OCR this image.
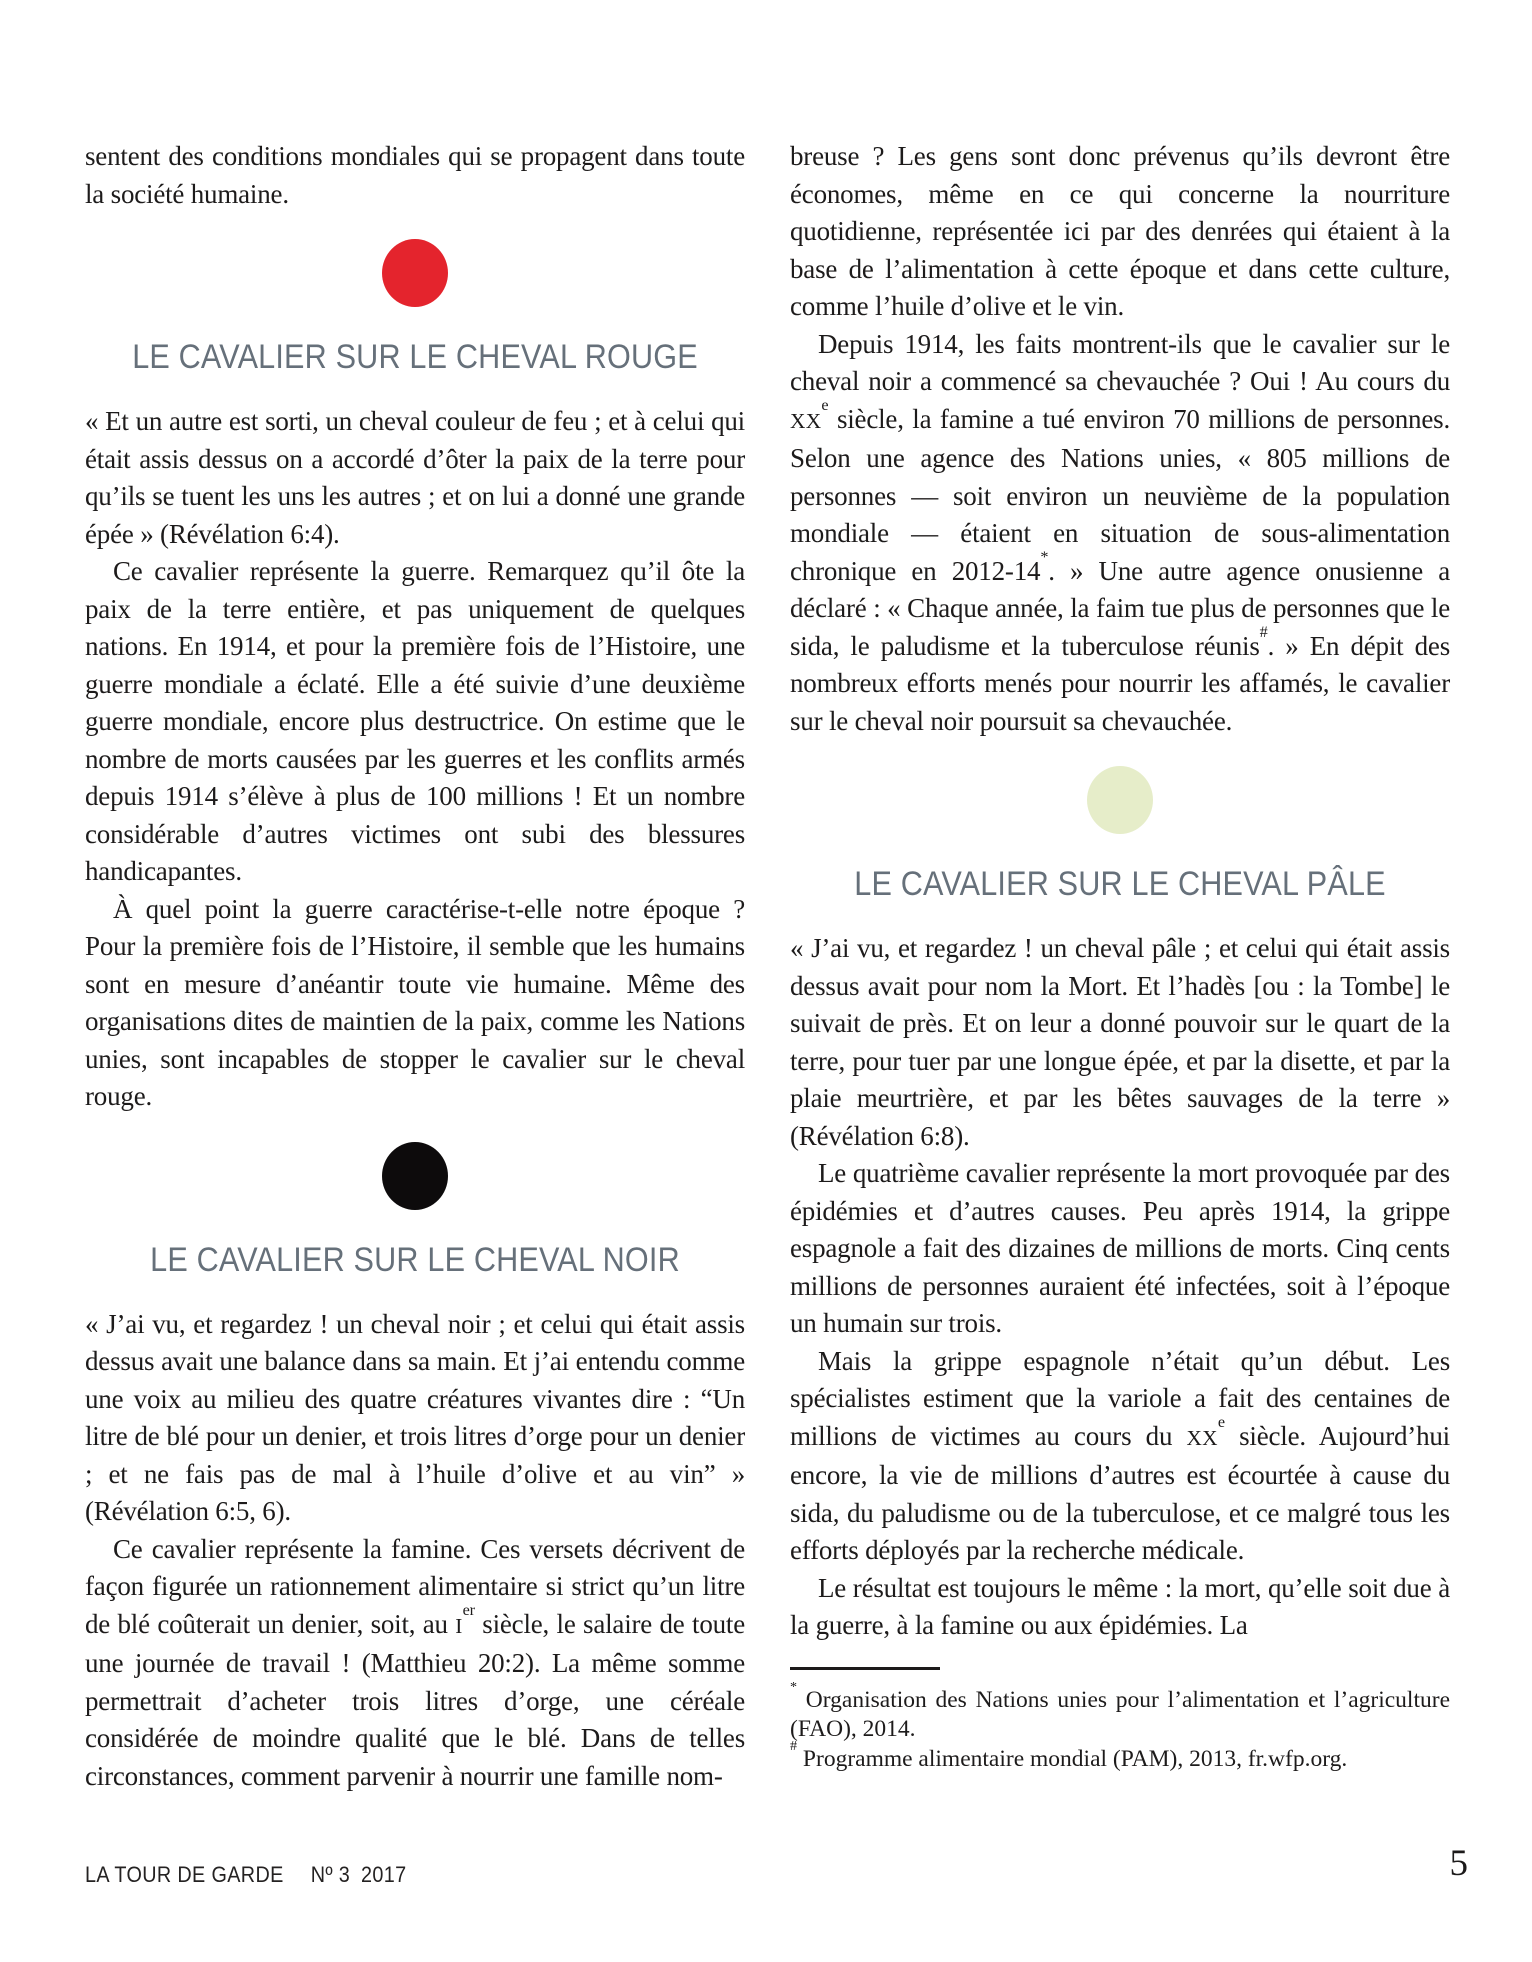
sentent des conditions mondiales qui se propagent dans toute la société humaine.

LE CAVALIER SUR LE CHEVAL ROUGE

« Et un autre est sorti, un cheval couleur de feu ; et à celui qui était assis dessus on a accordé d’ôter la paix de la terre pour qu’ils se tuent les uns les autres ; et on lui a donné une grande épée » (Révélation 6:4).

Ce cavalier représente la guerre. Remarquez qu’il ôte la paix de la terre entière, et pas uniquement de quelques nations. En 1914, et pour la première fois de l’Histoire, une guerre mondiale a éclaté. Elle a été suivie d’une deuxième guerre mondiale, encore plus destructrice. On estime que le nombre de morts causées par les guerres et les conflits armés depuis 1914 s’élève à plus de 100 millions ! Et un nombre considérable d’autres victimes ont subi des blessures handicapantes.

À quel point la guerre caractérise-t-elle notre époque ? Pour la première fois de l’Histoire, il semble que les humains sont en mesure d’anéantir toute vie humaine. Même des organisations dites de maintien de la paix, comme les Nations unies, sont incapables de stopper le cavalier sur le cheval rouge.

LE CAVALIER SUR LE CHEVAL NOIR

« J’ai vu, et regardez ! un cheval noir ; et celui qui était assis dessus avait une balance dans sa main. Et j’ai entendu comme une voix au milieu des quatre créatures vivantes dire : “Un litre de blé pour un denier, et trois litres d’orge pour un denier ; et ne fais pas de mal à l’huile d’olive et au vin” » (Révélation 6:5, 6).

Ce cavalier représente la famine. Ces versets décrivent de façon figurée un rationnement alimentaire si strict qu’un litre de blé coûterait un denier, soit, au Ier siècle, le salaire de toute une journée de travail ! (Matthieu 20:2). La même somme permettrait d’acheter trois litres d’orge, une céréale considérée de moindre qualité que le blé. Dans de telles circonstances, comment parvenir à nourrir une famille nom-

breuse ? Les gens sont donc prévenus qu’ils devront être économes, même en ce qui concerne la nourriture quotidienne, représentée ici par des denrées qui étaient à la base de l’alimentation à cette époque et dans cette culture, comme l’huile d’olive et le vin.

Depuis 1914, les faits montrent-ils que le cavalier sur le cheval noir a commencé sa chevauchée ? Oui ! Au cours du XXe siècle, la famine a tué environ 70 millions de personnes. Selon une agence des Nations unies, « 805 millions de personnes — soit environ un neuvième de la population mondiale — étaient en situation de sous-alimentation chronique en 2012-14*. » Une autre agence onusienne a déclaré : « Chaque année, la faim tue plus de personnes que le sida, le paludisme et la tuberculose réunis#. » En dépit des nombreux efforts menés pour nourrir les affamés, le cavalier sur le cheval noir poursuit sa chevauchée.

LE CAVALIER SUR LE CHEVAL PÂLE

« J’ai vu, et regardez ! un cheval pâle ; et celui qui était assis dessus avait pour nom la Mort. Et l’hadès [ou : la Tombe] le suivait de près. Et on leur a donné pouvoir sur le quart de la terre, pour tuer par une longue épée, et par la disette, et par la plaie meurtrière, et par les bêtes sauvages de la terre » (Révélation 6:8).

Le quatrième cavalier représente la mort provoquée par des épidémies et d’autres causes. Peu après 1914, la grippe espagnole a fait des dizaines de millions de morts. Cinq cents millions de personnes auraient été infectées, soit à l’époque un humain sur trois.

Mais la grippe espagnole n’était qu’un début. Les spécialistes estiment que la variole a fait des centaines de millions de victimes au cours du XXe siècle. Aujourd’hui encore, la vie de millions d’autres est écourtée à cause du sida, du paludisme ou de la tuberculose, et ce malgré tous les efforts déployés par la recherche médicale.

Le résultat est toujours le même : la mort, qu’elle soit due à la guerre, à la famine ou aux épidémies. La

* Organisation des Nations unies pour l’alimentation et l’agriculture (FAO), 2014.

# Programme alimentaire mondial (PAM), 2013, fr.wfp.org.

LA TOUR DE GARDE Nº 3 2017	5
